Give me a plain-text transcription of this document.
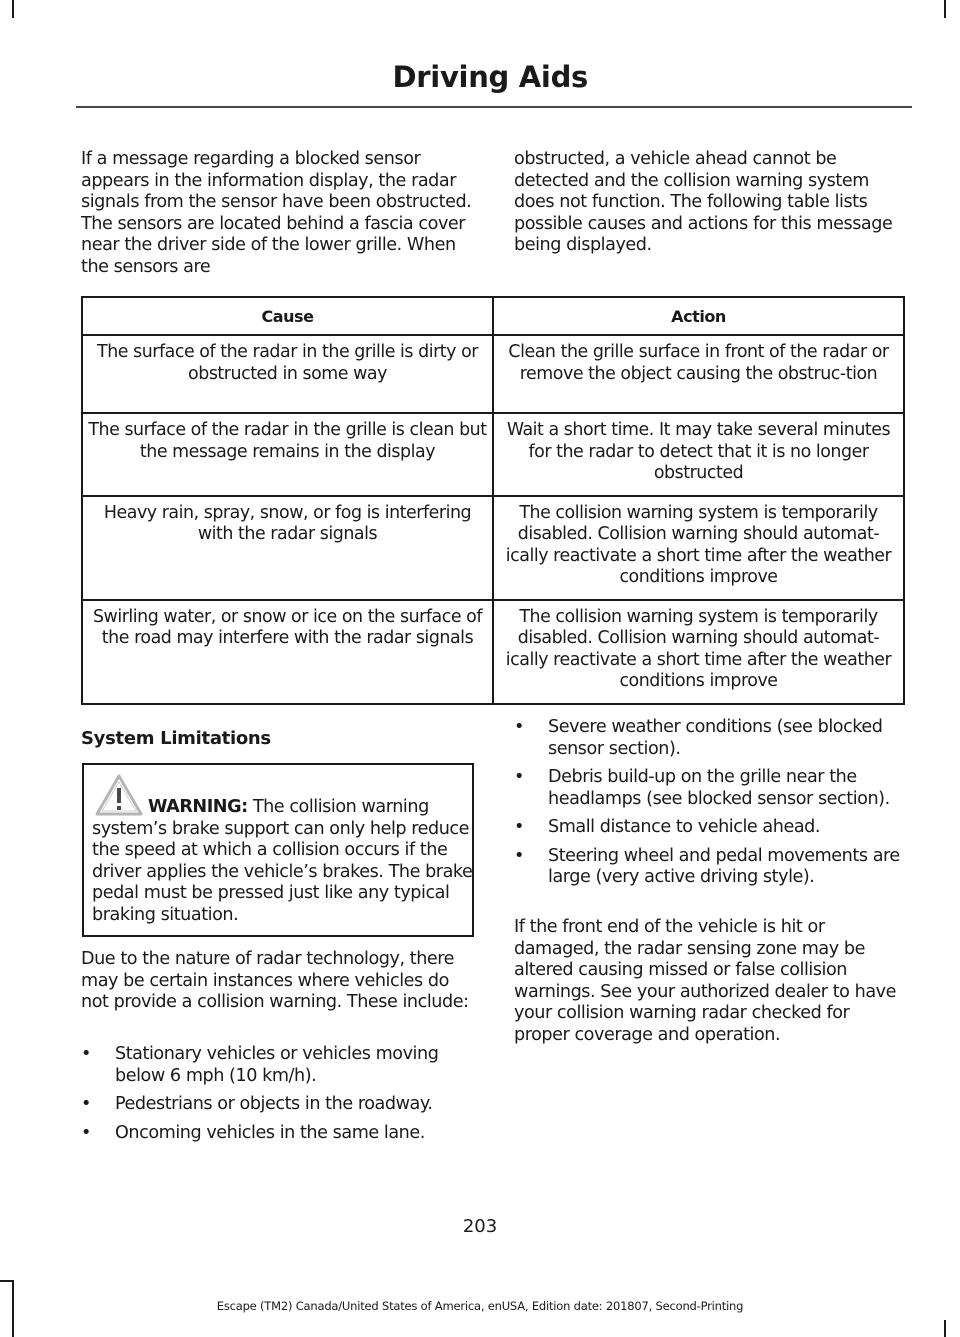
Driving Aids

If a message regarding a blocked sensor appears in the information display, the radar signals from the sensor have been obstructed. The sensors are located behind a fascia cover near the driver side of the lower grille. When the sensors are

obstructed, a vehicle ahead cannot be detected and the collision warning system does not function. The following table lists possible causes and actions for this message being displayed.

Cause	Action
The surface of the radar in the grille is dirty or obstructed in some way	Clean the grille surface in front of the radar or remove the object causing the obstruc-tion
The surface of the radar in the grille is clean but the message remains in the display	Wait a short time. It may take several minutes for the radar to detect that it is no longer obstructed
Heavy rain, spray, snow, or fog is interfering with the radar signals	The collision warning system is temporarily disabled. Collision warning should automat-ically reactivate a short time after the weather conditions improve
Swirling water, or snow or ice on the surface of the road may interfere with the radar signals	The collision warning system is temporarily disabled. Collision warning should automat-ically reactivate a short time after the weather conditions improve
System Limitations

WARNING: The collision warning system’s brake support can only help reduce the speed at which a collision occurs if the driver applies the vehicle’s brakes. The brake pedal must be pressed just like any typical braking situation.

Due to the nature of radar technology, there may be certain instances where vehicles do not provide a collision warning. These include:

• Stationary vehicles or vehicles moving below 6 mph (10 km/h).
• Pedestrians or objects in the roadway.
• Oncoming vehicles in the same lane.
• Severe weather conditions (see blocked sensor section).
• Debris build-up on the grille near the headlamps (see blocked sensor section).
• Small distance to vehicle ahead.
• Steering wheel and pedal movements are large (very active driving style).

If the front end of the vehicle is hit or damaged, the radar sensing zone may be altered causing missed or false collision warnings. See your authorized dealer to have your collision warning radar checked for proper coverage and operation.

203
Escape (TM2) Canada/United States of America, enUSA, Edition date: 201807, Second-Printing
